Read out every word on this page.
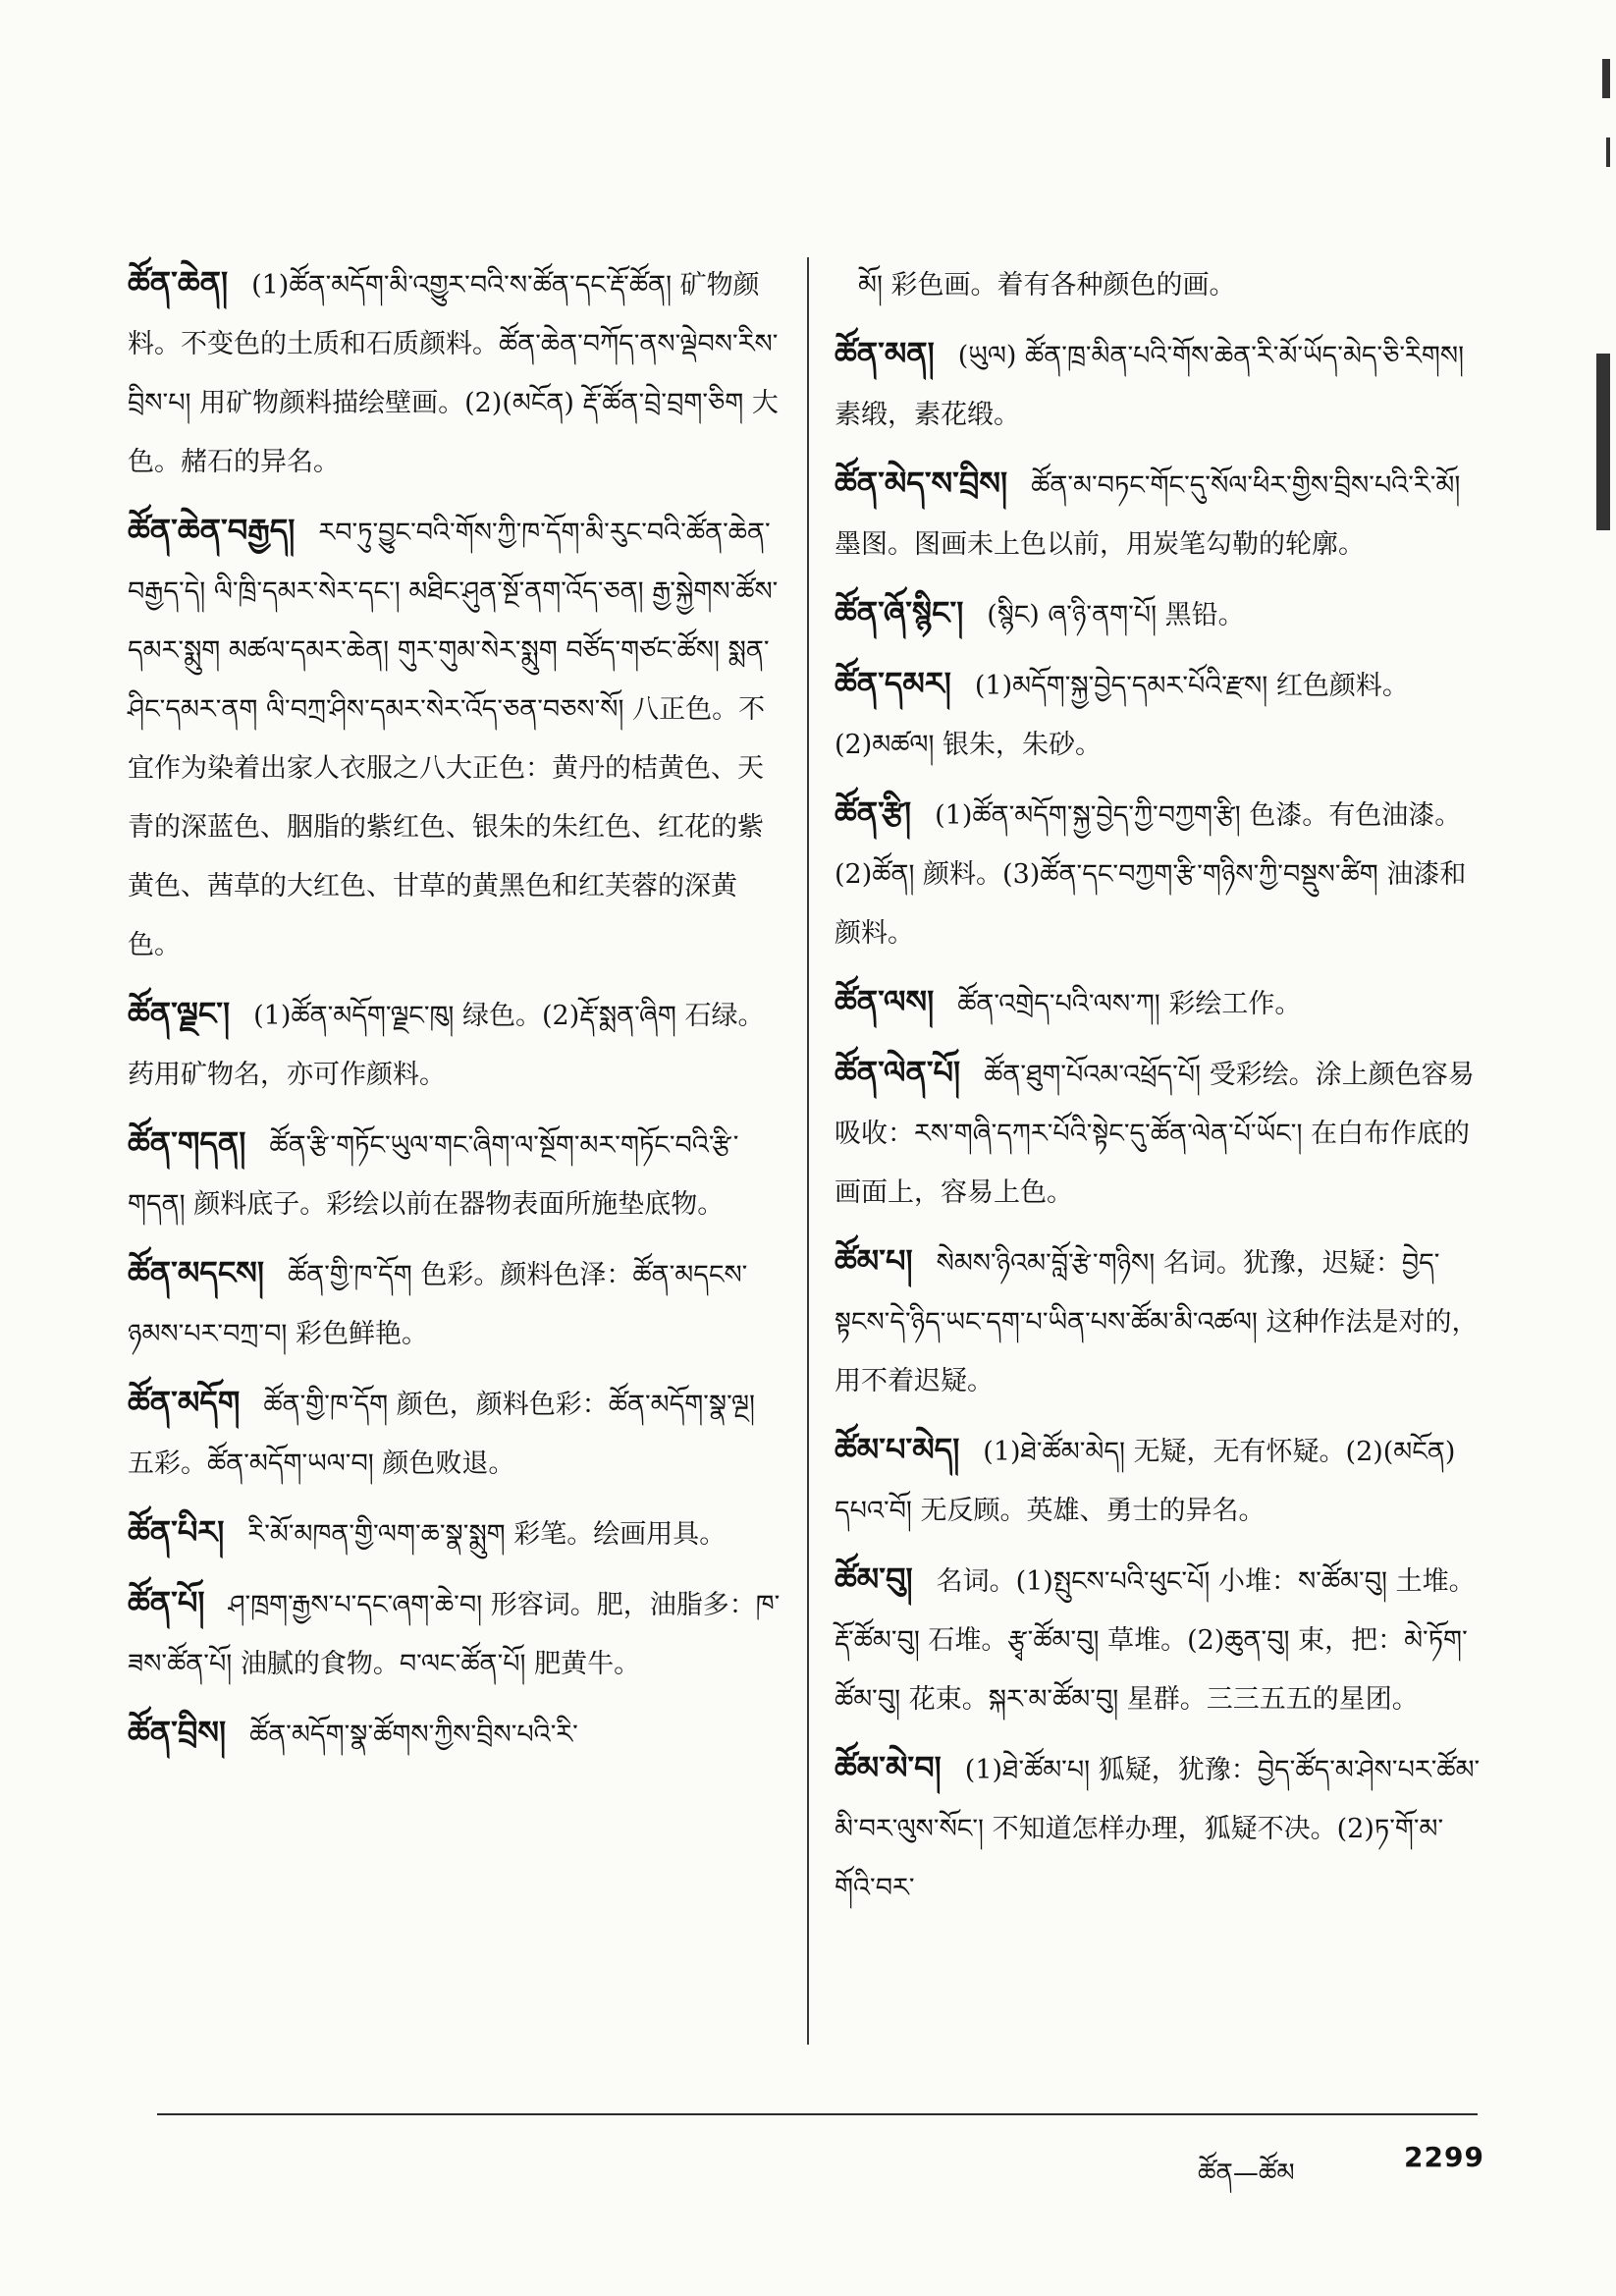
ཚོན་ཆེན། (1)ཚོན་མདོག་མི་འགྱུར་བའི་ས་ཚོན་དང་རྡོ་ཚོན། 矿物颜料。不变色的土质和石质颜料。ཚོན་ཆེན་བཀོད་ནས་ལྡེབས་རིས་བྲིས་པ། 用矿物颜料描绘壁画。(2)(མངོན) རྡོ་ཚོན་བྲེ་བྲག་ཅིག 大色。赭石的异名。

ཚོན་ཆེན་བརྒྱད། རབ་ཏུ་བྱུང་བའི་གོས་ཀྱི་ཁ་དོག་མི་རུང་བའི་ཚོན་ཆེན་བརྒྱད་དེ། ལི་ཁྲི་དམར་སེར་དང་། མཐིང་ཤུན་སྔོ་ནག་འོད་ཅན། རྒྱ་སྐྱེགས་ཚོས་དམར་སྨུག མཚལ་དམར་ཆེན། གུར་གུམ་སེར་སྨུག བཙོད་གཙང་ཚོས། སྨན་ཤིང་དམར་ནག ལི་བཀྲ་ཤིས་དམར་སེར་འོད་ཅན་བཅས་སོ། 八正色。不宜作为染着出家人衣服之八大正色：黄丹的桔黄色、天青的深蓝色、胭脂的紫红色、银朱的朱红色、红花的紫黄色、茜草的大红色、甘草的黄黑色和红芙蓉的深黄色。

ཚོན་ལྗང་། (1)ཚོན་མདོག་ལྗང་ཁུ། 绿色。(2)རྡོ་སྨན་ཞིག 石绿。药用矿物名，亦可作颜料。

ཚོན་གདན། ཚོན་རྩི་གཏོང་ཡུལ་གང་ཞིག་ལ་སྔོག་མར་གཏོང་བའི་རྩི་གདན། 颜料底子。彩绘以前在器物表面所施垫底物。

ཚོན་མདངས། ཚོན་གྱི་ཁ་དོག 色彩。颜料色泽：ཚོན་མདངས་ཉམས་པར་བཀྲ་བ། 彩色鲜艳。

ཚོན་མདོག ཚོན་གྱི་ཁ་དོག 颜色，颜料色彩：ཚོན་མདོག་སྣ་ལྔ། 五彩。ཚོན་མདོག་ཡལ་བ། 颜色败退。

ཚོན་པིར། རི་མོ་མཁན་གྱི་ལག་ཆ་སྣ་སྨུག 彩笔。绘画用具。

ཚོན་པོ། ཤ་ཁྲག་རྒྱས་པ་དང་ཞག་ཆེ་བ། 形容词。肥，油脂多：ཁ་ཟས་ཚོན་པོ། 油腻的食物。བ་ལང་ཚོན་པོ། 肥黄牛。

ཚོན་བྲིས། ཚོན་མདོག་སྣ་ཚོགས་ཀྱིས་བྲིས་པའི་རི་

མོ། 彩色画。着有各种颜色的画。

ཚོན་མན། (ཡུལ) ཚོན་ཁྲ་མིན་པའི་གོས་ཆེན་རི་མོ་ཡོད་མེད་ཅི་རིགས། 素缎，素花缎。

ཚོན་མེད་ས་བྲིས། ཚོན་མ་བཏང་གོང་དུ་སོལ་ཕིར་གྱིས་བྲིས་པའི་རི་མོ། 墨图。图画未上色以前，用炭笔勾勒的轮廓。

ཚོན་ཞོ་སྙིང་། (སྙིང) ཞ་ཉི་ནག་པོ། 黑铅。

ཚོན་དམར། (1)མདོག་སྐྱ་བྱེད་དམར་པོའི་རྫས། 红色颜料。(2)མཚལ། 银朱，朱砂。

ཚོན་རྩི། (1)ཚོན་མདོག་སྐྱ་བྱེད་ཀྱི་བཀྱག་རྩི། 色漆。有色油漆。(2)ཚོན། 颜料。(3)ཚོན་དང་བཀྱག་རྩི་གཉིས་ཀྱི་བསྡུས་ཚིག 油漆和颜料。

ཚོན་ལས། ཚོན་འགྲེད་པའི་ལས་ཀ། 彩绘工作。

ཚོན་ལེན་པོ། ཚོན་ཐུག་པོའམ་འཕྲོད་པོ། 受彩绘。涂上颜色容易吸收：རས་གཞི་དཀར་པོའི་སྟེང་དུ་ཚོན་ལེན་པོ་ཡོང་། 在白布作底的画面上，容易上色。

ཚོམ་པ། སེམས་ཉིའམ་བློ་རྩེ་གཉིས། 名词。犹豫，迟疑：བྱེད་སྟངས་དེ་ཉིད་ཡང་དག་པ་ཡིན་པས་ཚོམ་མི་འཚལ། 这种作法是对的，用不着迟疑。

ཚོམ་པ་མེད། (1)ཐེ་ཚོམ་མེད། 无疑，无有怀疑。(2)(མངོན) དཔའ་བོ། 无反顾。英雄、勇士的异名。

ཚོམ་བུ། 名词。(1)སྤུངས་པའི་ཕུང་པོ། 小堆：ས་ཚོམ་བུ། 土堆。རྡོ་ཚོམ་བུ། 石堆。རྩྭ་ཚོམ་བུ། 草堆。(2)ཆུན་བུ། 束，把：མེ་ཏོག་ཚོམ་བུ། 花束。སྐར་མ་ཚོམ་བུ། 星群。三三五五的星团。

ཚོམ་མེ་བ། (1)ཐེ་ཚོམ་པ། 狐疑，犹豫：བྱེད་ཚོད་མ་ཤེས་པར་ཚོམ་མི་བར་ལུས་སོང་། 不知道怎样办理，狐疑不决。(2)ཏ་གོ་མ་གོའི་བར་

ཚོན—ཚོམ	2299
